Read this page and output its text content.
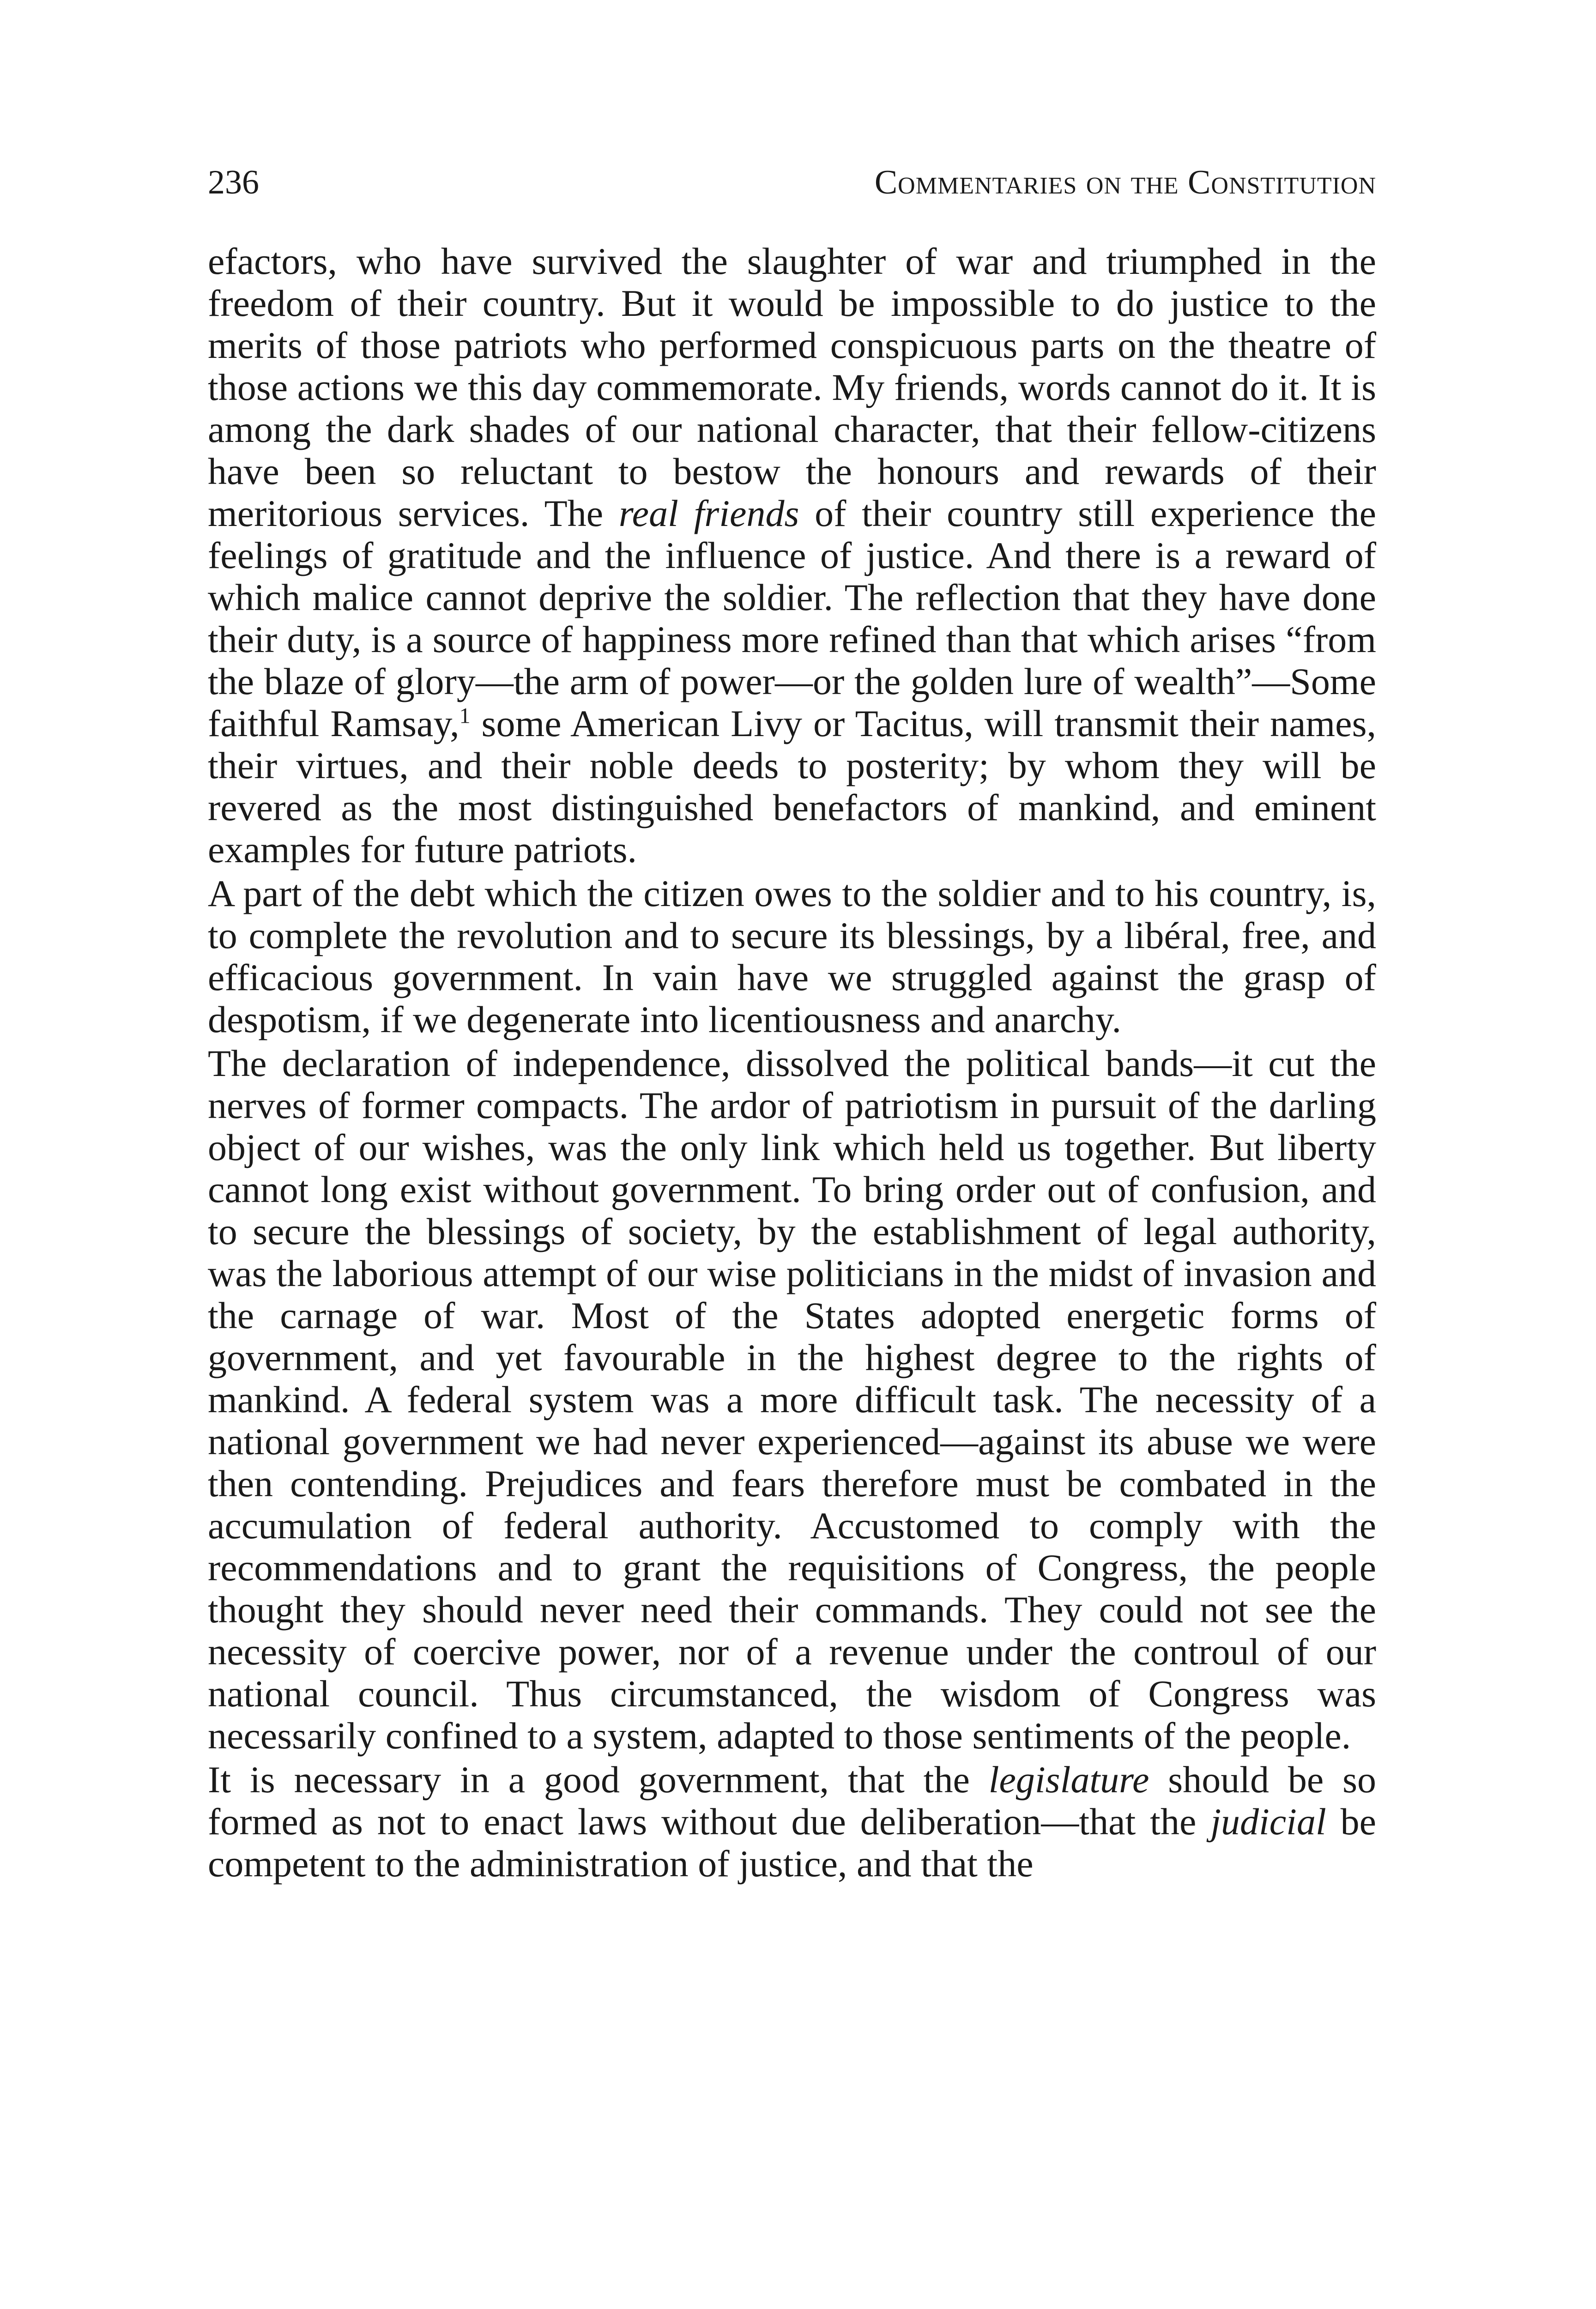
236	Commentaries on the Constitution

efactors, who have survived the slaughter of war and triumphed in the freedom of their country. But it would be impossible to do justice to the merits of those patriots who performed conspicuous parts on the theatre of those actions we this day commemorate. My friends, words cannot do it. It is among the dark shades of our national character, that their fellow-citizens have been so reluctant to bestow the honours and rewards of their meritorious services. The real friends of their country still experience the feelings of gratitude and the influence of justice. And there is a reward of which malice cannot deprive the soldier. The reflection that they have done their duty, is a source of happiness more refined than that which arises “from the blaze of glory—the arm of power—or the golden lure of wealth”—Some faithful Ramsay,$^1$ some American Livy or Tacitus, will transmit their names, their virtues, and their noble deeds to posterity; by whom they will be revered as the most distinguished benefactors of mankind, and eminent examples for future patriots.

A part of the debt which the citizen owes to the soldier and to his country, is, to complete the revolution and to secure its blessings, by a libéral, free, and efficacious government. In vain have we struggled against the grasp of despotism, if we degenerate into licentiousness and anarchy.

The declaration of independence, dissolved the political bands—it cut the nerves of former compacts. The ardor of patriotism in pursuit of the darling object of our wishes, was the only link which held us together. But liberty cannot long exist without government. To bring order out of confusion, and to secure the blessings of society, by the establishment of legal authority, was the laborious attempt of our wise politicians in the midst of invasion and the carnage of war. Most of the States adopted energetic forms of government, and yet favourable in the highest degree to the rights of mankind. A federal system was a more difficult task. The necessity of a national government we had never experienced—against its abuse we were then contending. Prejudices and fears therefore must be combated in the accumulation of federal authority. Accustomed to comply with the recommendations and to grant the requisitions of Congress, the people thought they should never need their commands. They could not see the necessity of coercive power, nor of a revenue under the controul of our national council. Thus circumstanced, the wisdom of Congress was necessarily confined to a system, adapted to those sentiments of the people.

It is necessary in a good government, that the legislature should be so formed as not to enact laws without due deliberation—that the judicial be competent to the administration of justice, and that the
